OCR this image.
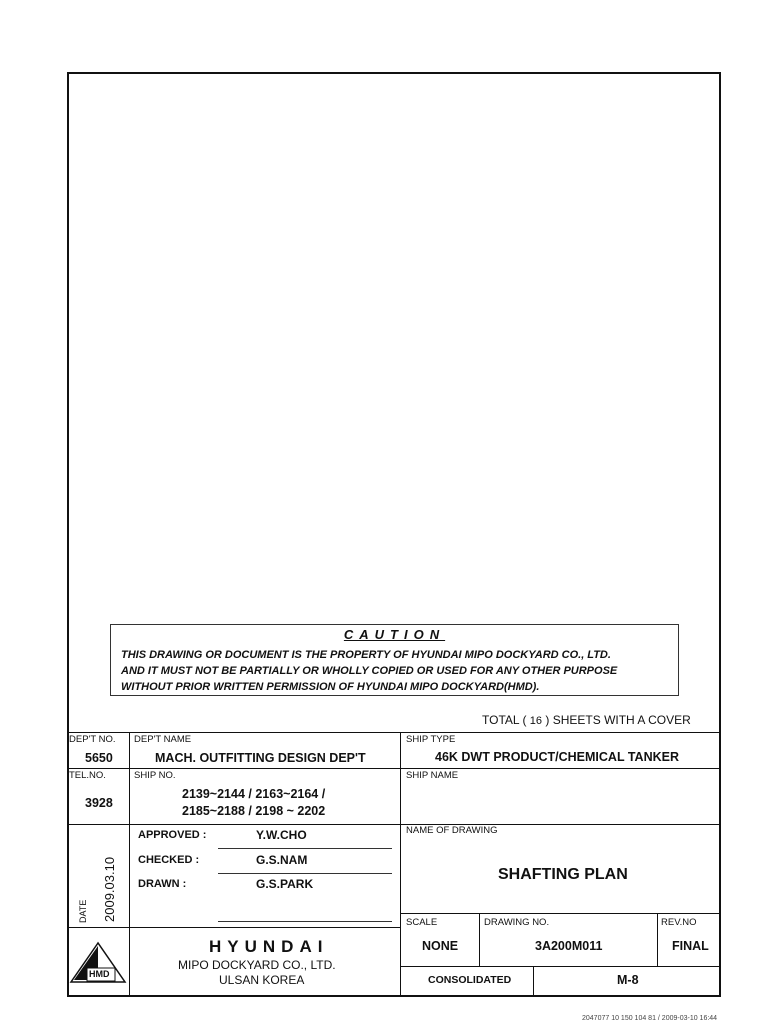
CAUTION
THIS DRAWING OR DOCUMENT IS THE PROPERTY OF HYUNDAI MIPO DOCKYARD CO., LTD.
AND IT MUST NOT BE PARTIALLY OR WHOLLY COPIED OR USED FOR ANY OTHER PURPOSE
WITHOUT PRIOR WRITTEN PERMISSION OF HYUNDAI MIPO DOCKYARD(HMD).
TOTAL ( 16 ) SHEETS WITH A COVER
DEP'T NO.
5650
DEP'T NAME
MACH. OUTFITTING DESIGN DEP'T
SHIP TYPE
46K DWT PRODUCT/CHEMICAL TANKER
TEL.NO.
3928
SHIP NO.
2139~2144 / 2163~2164 /
2185~2188 / 2198 ~ 2202
SHIP NAME
APPROVED :	Y.W.CHO
CHECKED :	G.S.NAM
DRAWN :	G.S.PARK
DATE 2009.03.10
NAME OF DRAWING
SHAFTING PLAN
SCALE
NONE
DRAWING NO.
3A200M011
REV.NO
FINAL
CONSOLIDATED	M-8
HMD
HYUNDAI
MIPO DOCKYARD CO., LTD.
ULSAN KOREA
2047077 10 150 104 81 / 2009-03-10 16:44
